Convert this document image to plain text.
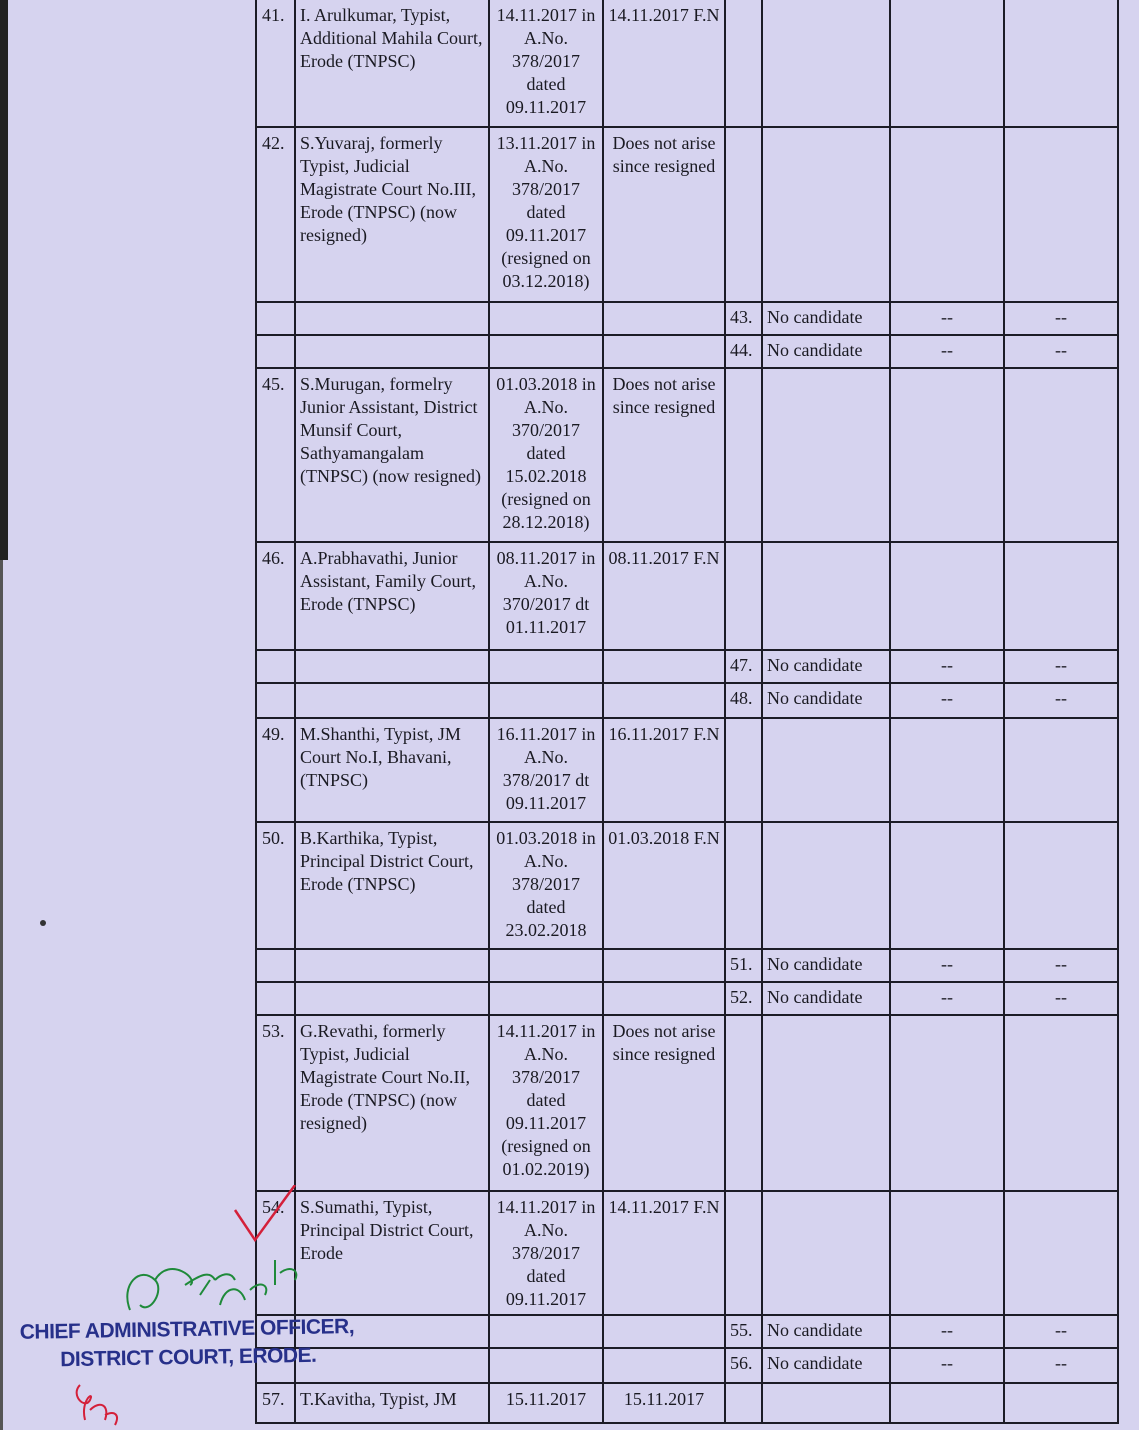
41.	I. Arulkumar, Typist, Additional Mahila Court, Erode (TNPSC)	14.11.2017 in A.No. 378/2017 dated 09.11.2017	14.11.2017 F.N				
42.	S.Yuvaraj, formerly Typist, Judicial Magistrate Court No.III, Erode (TNPSC) (now resigned)	13.11.2017 in A.No. 378/2017 dated 09.11.2017 (resigned on 03.12.2018)	Does not arise since resigned				
				43.	No candidate	--	--
				44.	No candidate	--	--
45.	S.Murugan, formelry Junior Assistant, District Munsif Court, Sathyamangalam (TNPSC) (now resigned)	01.03.2018 in A.No. 370/2017 dated 15.02.2018 (resigned on 28.12.2018)	Does not arise since resigned				
46.	A.Prabhavathi, Junior Assistant, Family Court, Erode (TNPSC)	08.11.2017 in A.No. 370/2017 dt 01.11.2017	08.11.2017 F.N				
				47.	No candidate	--	--
				48.	No candidate	--	--
49.	M.Shanthi, Typist, JM Court No.I, Bhavani, (TNPSC)	16.11.2017 in A.No. 378/2017 dt 09.11.2017	16.11.2017 F.N				
50.	B.Karthika, Typist, Principal District Court, Erode (TNPSC)	01.03.2018 in A.No. 378/2017 dated 23.02.2018	01.03.2018 F.N				
				51.	No candidate	--	--
				52.	No candidate	--	--
53.	G.Revathi, formerly Typist, Judicial Magistrate Court No.II, Erode (TNPSC) (now resigned)	14.11.2017 in A.No. 378/2017 dated 09.11.2017 (resigned on 01.02.2019)	Does not arise since resigned				
54.	S.Sumathi, Typist, Principal District Court, Erode	14.11.2017 in A.No. 378/2017 dated 09.11.2017	14.11.2017 F.N				
				55.	No candidate	--	--
				56.	No candidate	--	--
57.	T.Kavitha, Typist, JM	15.11.2017	15.11.2017				
CHIEF ADMINISTRATIVE OFFICER,
DISTRICT COURT, ERODE.
